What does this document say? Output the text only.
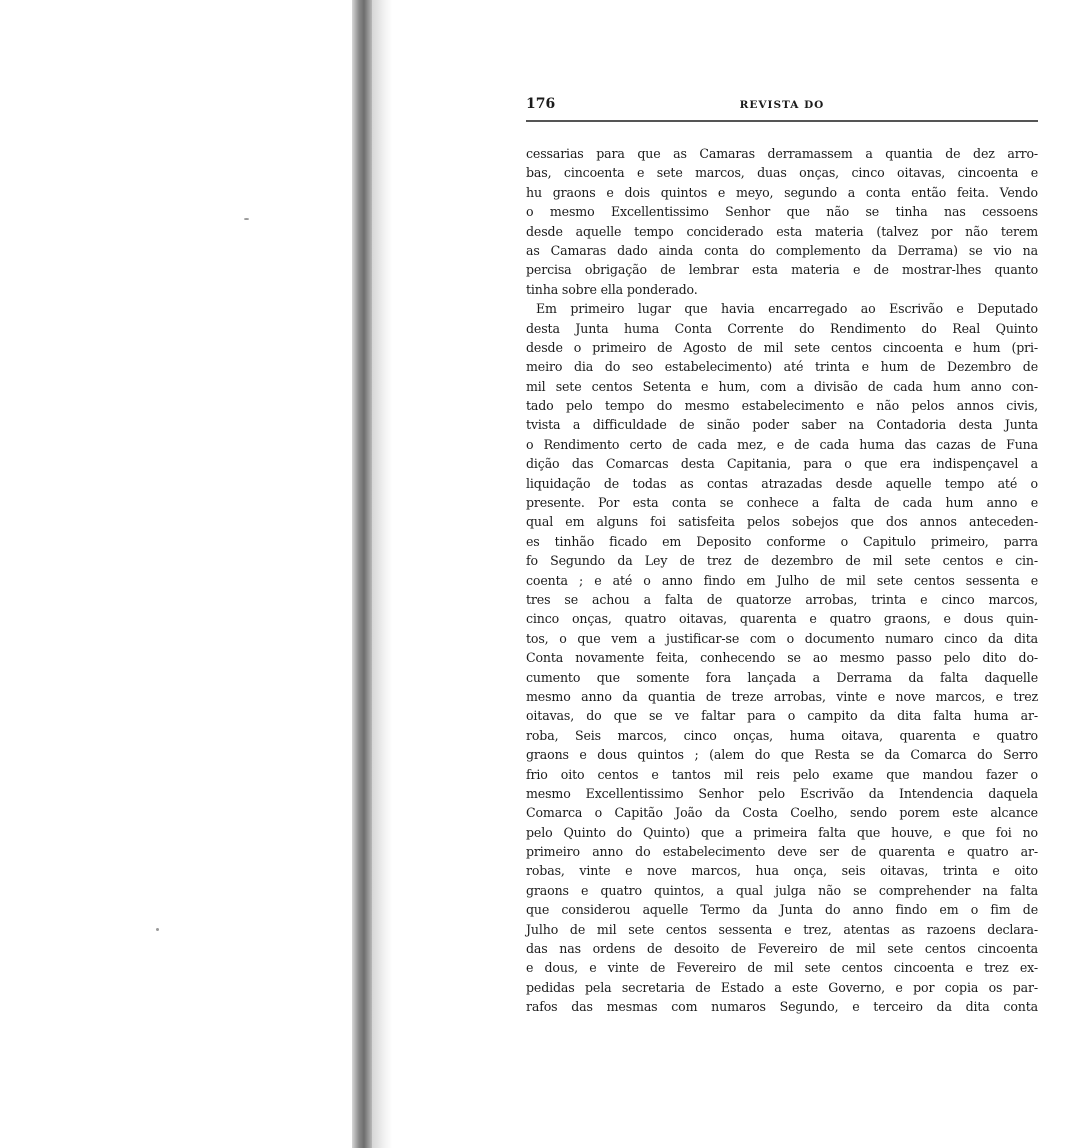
176	REVISTA DO
cessarias para que as Camaras derramassem a quantia de dez arro-
bas, cincoenta e sete marcos, duas onças, cinco oitavas, cincoenta e
hu graons e dois quintos e meyo, segundo a conta então feita. Vendo
o mesmo Excellentissimo Senhor que não se tinha nas cessoens
desde aquelle tempo conciderado esta materia (talvez por não terem
as Camaras dado ainda conta do complemento da Derrama) se vio na
percisa obrigação de lembrar esta materia e de mostrar-lhes quanto
tinha sobre ella ponderado.
Em primeiro lugar que havia encarregado ao Escrivão e Deputado
desta Junta huma Conta Corrente do Rendimento do Real Quinto
desde o primeiro de Agosto de mil sete centos cincoenta e hum (pri-
meiro dia do seo estabelecimento) até trinta e hum de Dezembro de
mil sete centos Setenta e hum, com a divisão de cada hum anno con-
tado pelo tempo do mesmo estabelecimento e não pelos annos civis,
tvista a difficuldade de sinão poder saber na Contadoria desta Junta
o Rendimento certo de cada mez, e de cada huma das cazas de Funa
dição das Comarcas desta Capitania, para o que era indispençavel a
liquidação de todas as contas atrazadas desde aquelle tempo até o
presente. Por esta conta se conhece a falta de cada hum anno e
qual em alguns foi satisfeita pelos sobejos que dos annos anteceden-
es tinhão ficado em Deposito conforme o Capitulo primeiro, parra
fo Segundo da Ley de trez de dezembro de mil sete centos e cin-
coenta ; e até o anno findo em Julho de mil sete centos sessenta e
tres se achou a falta de quatorze arrobas, trinta e cinco marcos,
cinco onças, quatro oitavas, quarenta e quatro graons, e dous quin-
tos, o que vem a justificar-se com o documento numaro cinco da dita
Conta novamente feita, conhecendo se ao mesmo passo pelo dito do-
cumento que somente fora lançada a Derrama da falta daquelle
mesmo anno da quantia de treze arrobas, vinte e nove marcos, e trez
oitavas, do que se ve faltar para o campito da dita falta huma ar-
roba, Seis marcos, cinco onças, huma oitava, quarenta e quatro
graons e dous quintos ; (alem do que Resta se da Comarca do Serro
frio oito centos e tantos mil reis pelo exame que mandou fazer o
mesmo Excellentissimo Senhor pelo Escrivão da Intendencia daquela
Comarca o Capitão João da Costa Coelho, sendo porem este alcance
pelo Quinto do Quinto) que a primeira falta que houve, e que foi no
primeiro anno do estabelecimento deve ser de quarenta e quatro ar-
robas, vinte e nove marcos, hua onça, seis oitavas, trinta e oito
graons e quatro quintos, a qual julga não se comprehender na falta
que considerou aquelle Termo da Junta do anno findo em o fim de
Julho de mil sete centos sessenta e trez, atentas as razoens declara-
das nas ordens de desoito de Fevereiro de mil sete centos cincoenta
e dous, e vinte de Fevereiro de mil sete centos cincoenta e trez ex-
pedidas pela secretaria de Estado a este Governo, e por copia os par-
rafos das mesmas com numaros Segundo, e terceiro da dita conta
